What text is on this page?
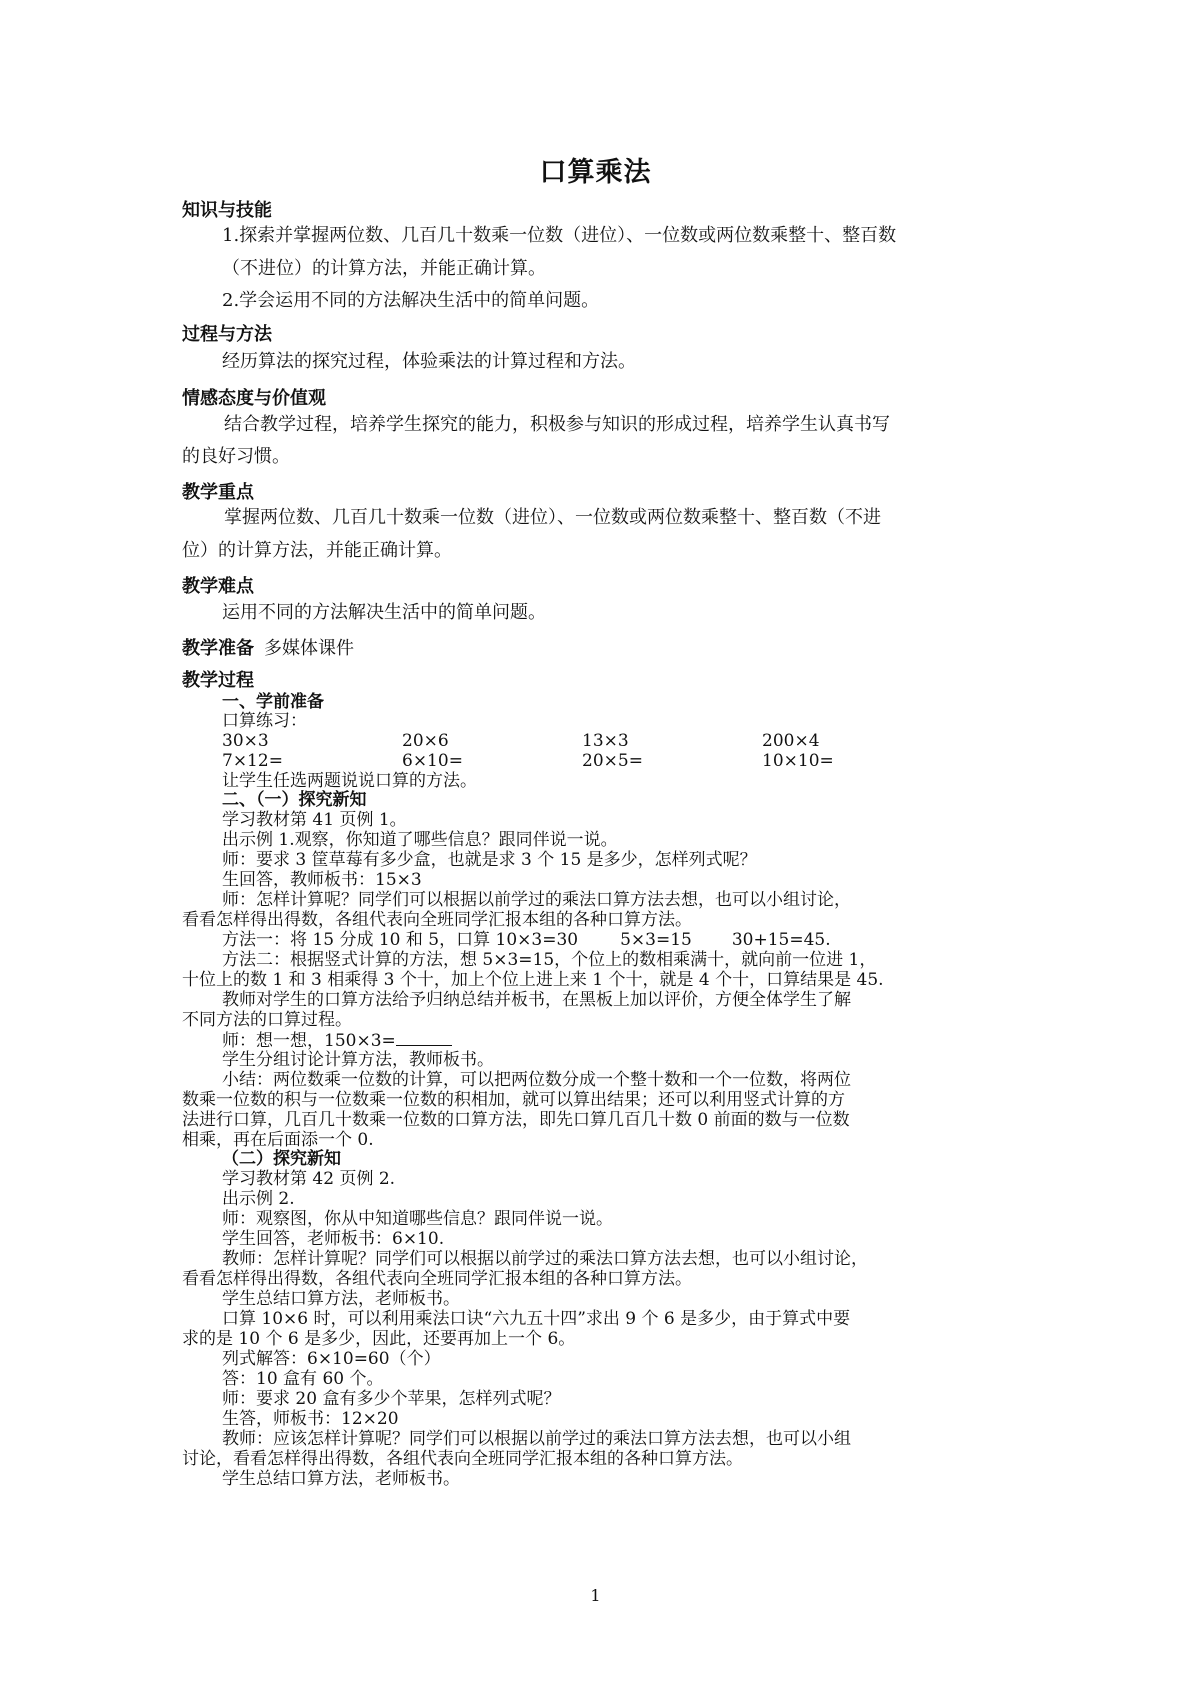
口算乘法
知识与技能
1.探索并掌握两位数、几百几十数乘一位数（进位）、一位数或两位数乘整十、整百数
（不进位）的计算方法，并能正确计算。
2.学会运用不同的方法解决生活中的简单问题。
过程与方法
经历算法的探究过程，体验乘法的计算过程和方法。
情感态度与价值观
结合教学过程，培养学生探究的能力，积极参与知识的形成过程，培养学生认真书写
的良好习惯。
教学重点
掌握两位数、几百几十数乘一位数（进位）、一位数或两位数乘整十、整百数（不进
位）的计算方法，并能正确计算。
教学难点
运用不同的方法解决生活中的简单问题。
教学准备 多媒体课件
教学过程
一、学前准备
口算练习：
30×3	20×6	13×3	200×4
7×12=	6×10=	20×5=	10×10=
让学生任选两题说说口算的方法。
二、（一）探究新知
学习教材第 41 页例 1。
出示例 1.观察，你知道了哪些信息？跟同伴说一说。
师：要求 3 筐草莓有多少盒，也就是求 3 个 15 是多少，怎样列式呢？
生回答，教师板书：15×3
师：怎样计算呢？同学们可以根据以前学过的乘法口算方法去想，也可以小组讨论，
看看怎样得出得数，各组代表向全班同学汇报本组的各种口算方法。
方法一：将 15 分成 10 和 5，口算 10×3=30 5×3=15 30+15=45.
方法二：根据竖式计算的方法，想 5×3=15，个位上的数相乘满十，就向前一位进 1，
十位上的数 1 和 3 相乘得 3 个十，加上个位上进上来 1 个十，就是 4 个十，口算结果是 45.
教师对学生的口算方法给予归纳总结并板书，在黑板上加以评价，方便全体学生了解
不同方法的口算过程。
师：想一想，150×3=
学生分组讨论计算方法，教师板书。
小结：两位数乘一位数的计算，可以把两位数分成一个整十数和一个一位数，将两位
数乘一位数的积与一位数乘一位数的积相加，就可以算出结果；还可以利用竖式计算的方
法进行口算，几百几十数乘一位数的口算方法，即先口算几百几十数 0 前面的数与一位数
相乘，再在后面添一个 0.
（二）探究新知
学习教材第 42 页例 2.
出示例 2.
师：观察图，你从中知道哪些信息？跟同伴说一说。
学生回答，老师板书：6×10.
教师：怎样计算呢？同学们可以根据以前学过的乘法口算方法去想，也可以小组讨论，
看看怎样得出得数，各组代表向全班同学汇报本组的各种口算方法。
学生总结口算方法，老师板书。
口算 10×6 时，可以利用乘法口诀“六九五十四”求出 9 个 6 是多少，由于算式中要
求的是 10 个 6 是多少，因此，还要再加上一个 6。
列式解答：6×10=60（个）
答：10 盒有 60 个。
师：要求 20 盒有多少个苹果，怎样列式呢？
生答，师板书：12×20
教师：应该怎样计算呢？同学们可以根据以前学过的乘法口算方法去想，也可以小组
讨论，看看怎样得出得数，各组代表向全班同学汇报本组的各种口算方法。
学生总结口算方法，老师板书。
1
